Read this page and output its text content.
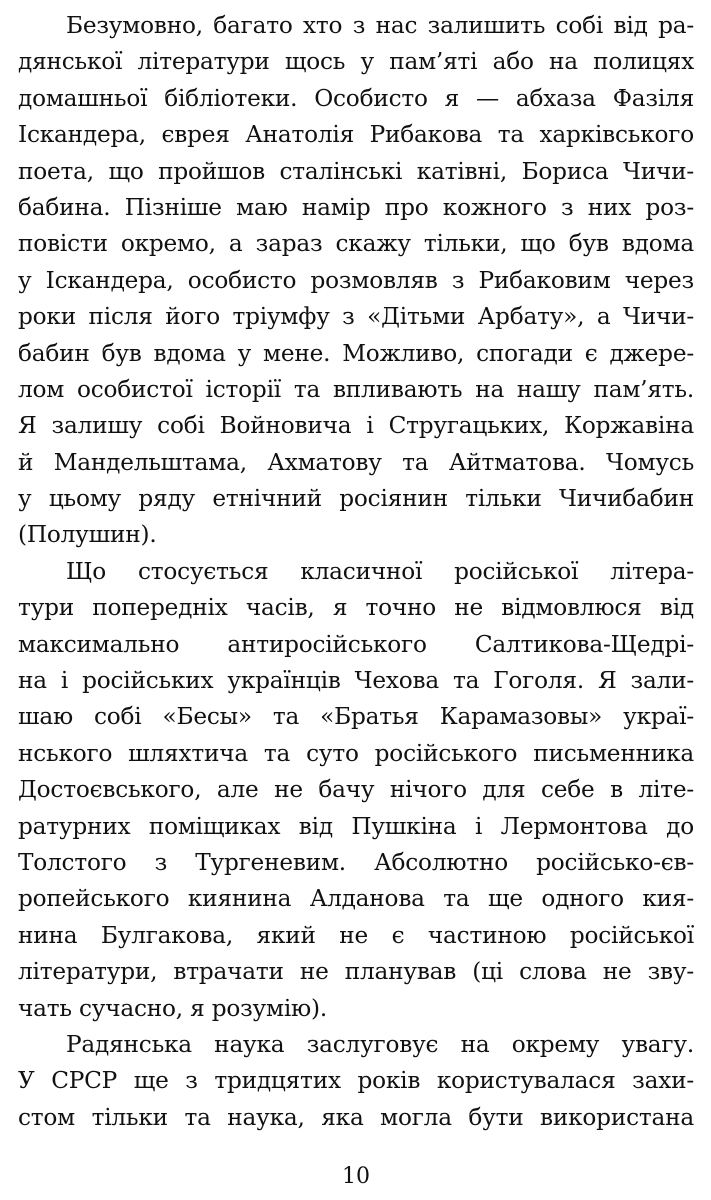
Безумовно, багато хто з нас залишить собі від ра-
дянської літератури щось у пам’яті або на полицях
домашньої бібліотеки. Особисто я — абхаза Фазіля
Іскандера, єврея Анатолія Рибакова та харківського
поета, що пройшов сталінські катівні, Бориса Чичи-
бабина. Пізніше маю намір про кожного з них роз-
повісти окремо, а зараз скажу тільки, що був вдома
у Іскандера, особисто розмовляв з Рибаковим через
роки після його тріумфу з «Дітьми Арбату», а Чичи-
бабин був вдома у мене. Можливо, спогади є джере-
лом особистої історії та впливають на нашу пам’ять.
Я залишу собі Войновича і Стругацьких, Коржавіна
й Мандельштама, Ахматову та Айтматова. Чомусь
у цьому ряду етнічний росіянин тільки Чичибабин
(Полушин).

Що стосується класичної російської літера-
тури попередніх часів, я точно не відмовлюся від
максимально антиросійського Салтикова-Щедрі-
на і російських українців Чехова та Гоголя. Я зали-
шаю собі «Бесы» та «Братья Карамазовы» украї-
нського шляхтича та суто російського письменника
Достоєвського, але не бачу нічого для себе в літе-
ратурних поміщиках від Пушкіна і Лермонтова до
Толстого з Тургеневим. Абсолютно російсько-єв-
ропейського киянина Алданова та ще одного кия-
нина Булгакова, який не є частиною російської
літератури, втрачати не планував (ці слова не зву-
чать сучасно, я розумію).

Радянська наука заслуговує на окрему увагу.
У СРСР ще з тридцятих років користувалася захи-
стом тільки та наука, яка могла бути використана

10
